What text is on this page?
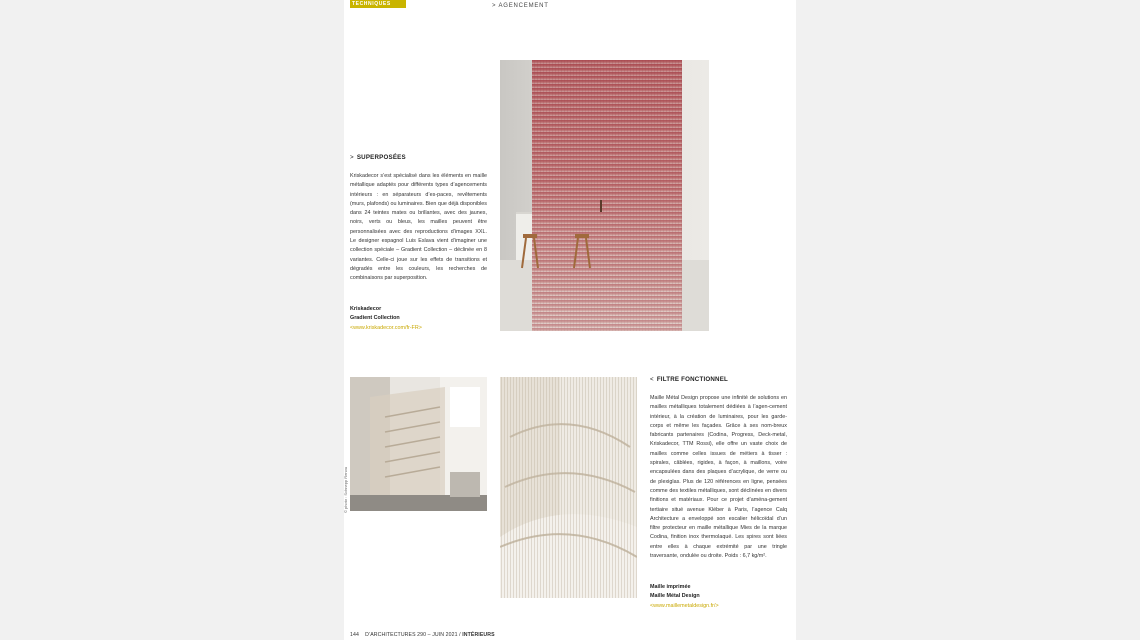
TECHNIQUES	> AGENCEMENT
> SUPERPOSÉES

Kriskadecor s’est spécialisé dans les éléments en maille métallique adaptés pour différents types d’agencements intérieurs : en séparateurs d’es-paces, revêtements (murs, plafonds) ou luminaires. Bien que déjà disponibles dans 24 teintes mates ou brillantes, avec des jaunes, noirs, verts ou bleus, les mailles peuvent être personnalisées avec des reproductions d’images XXL. Le designer espagnol Luis Eslava vient d’imaginer une collection spéciale – Gradient Collection – déclinée en 8 variantes. Celle-ci joue sur les effets de transitions et dégradés entre les couleurs, les recherches de combinaisons par superposition.

Kriskadecor
Gradient Collection
<www.kriskadecor.com/fr-FR>
© photo : Schnepp Renou
< FILTRE FONCTIONNEL

Maille Métal Design propose une infinité de solutions en mailles métalliques totalement dédiées à l’agen-cement intérieur, à la création de luminaires, pour les garde-corps et même les façades. Grâce à ses nom-breux fabricants partenaires (Codina, Progress, Deck-metal, Kriskadecor, TTM Rossi), elle offre un vaste choix de mailles comme celles issues de métiers à tisser : spirales, câblées, rigides, à façon, à maillons, voire encapsulées dans des plaques d’acrylique, de verre ou de plexiglas. Plus de 120 références en ligne, pensées comme des textiles métalliques, sont déclinées en divers finitions et matériaux. Pour ce projet d’aména-gement tertiaire situé avenue Kléber à Paris, l’agence Calq Architecture a enveloppé son escalier hélicoïdal d’un filtre protecteur en maille métallique Mies de la marque Codina, finition inox thermolaqué. Les spires sont liées entre elles à chaque extrémité par une tringle traversante, ondulée ou droite. Poids : 6,7 kg/m².

Maille imprimée
Maille Métal Design
<www.maillemetaldesign.fr/>
144 D’ARCHITECTURES 290 – JUIN 2021 / INTÉRIEURS
